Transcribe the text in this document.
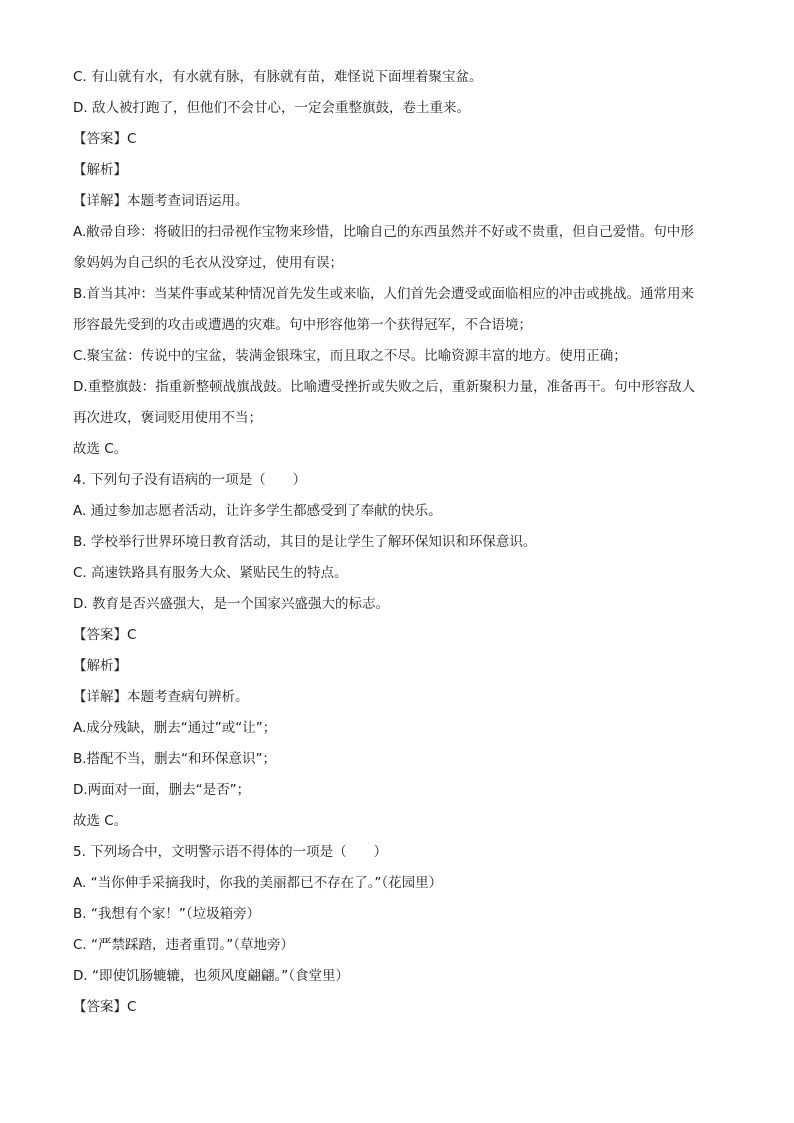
C. 有山就有水，有水就有脉，有脉就有苗，难怪说下面埋着聚宝盆。
D. 敌人被打跑了，但他们不会甘心，一定会重整旗鼓，卷土重来。
【答案】C
【解析】
【详解】本题考查词语运用。
A.敝帚自珍：将破旧的扫帚视作宝物来珍惜，比喻自己的东西虽然并不好或不贵重，但自己爱惜。句中形
象妈妈为自己织的毛衣从没穿过，使用有误；
B.首当其冲：当某件事或某种情况首先发生或来临，人们首先会遭受或面临相应的冲击或挑战。通常用来
形容最先受到的攻击或遭遇的灾难。句中形容他第一个获得冠军，不合语境；
C.聚宝盆：传说中的宝盆，装满金银珠宝，而且取之不尽。比喻资源丰富的地方。使用正确；
D.重整旗鼓：指重新整顿战旗战鼓。比喻遭受挫折或失败之后，重新聚积力量，准备再干。句中形容敌人
再次进攻，褒词贬用使用不当；
故选 C。
4. 下列句子没有语病的一项是（　　）
A. 通过参加志愿者活动，让许多学生都感受到了奉献的快乐。
B. 学校举行世界环境日教育活动，其目的是让学生了解环保知识和环保意识。
C. 高速铁路具有服务大众、紧贴民生的特点。
D. 教育是否兴盛强大，是一个国家兴盛强大的标志。
【答案】C
【解析】
【详解】本题考查病句辨析。
A.成分残缺，删去“通过”或“让”；
B.搭配不当，删去“和环保意识”；
D.两面对一面，删去“是否”；
故选 C。
5. 下列场合中，文明警示语不得体的一项是（　　）
A. “当你伸手采摘我时，你我的美丽都已不存在了。”（花园里）
B. “我想有个家！”（垃圾箱旁）
C. “严禁踩踏，违者重罚。”（草地旁）
D. “即使饥肠辘辘，也须风度翩翩。”（食堂里）
【答案】C
